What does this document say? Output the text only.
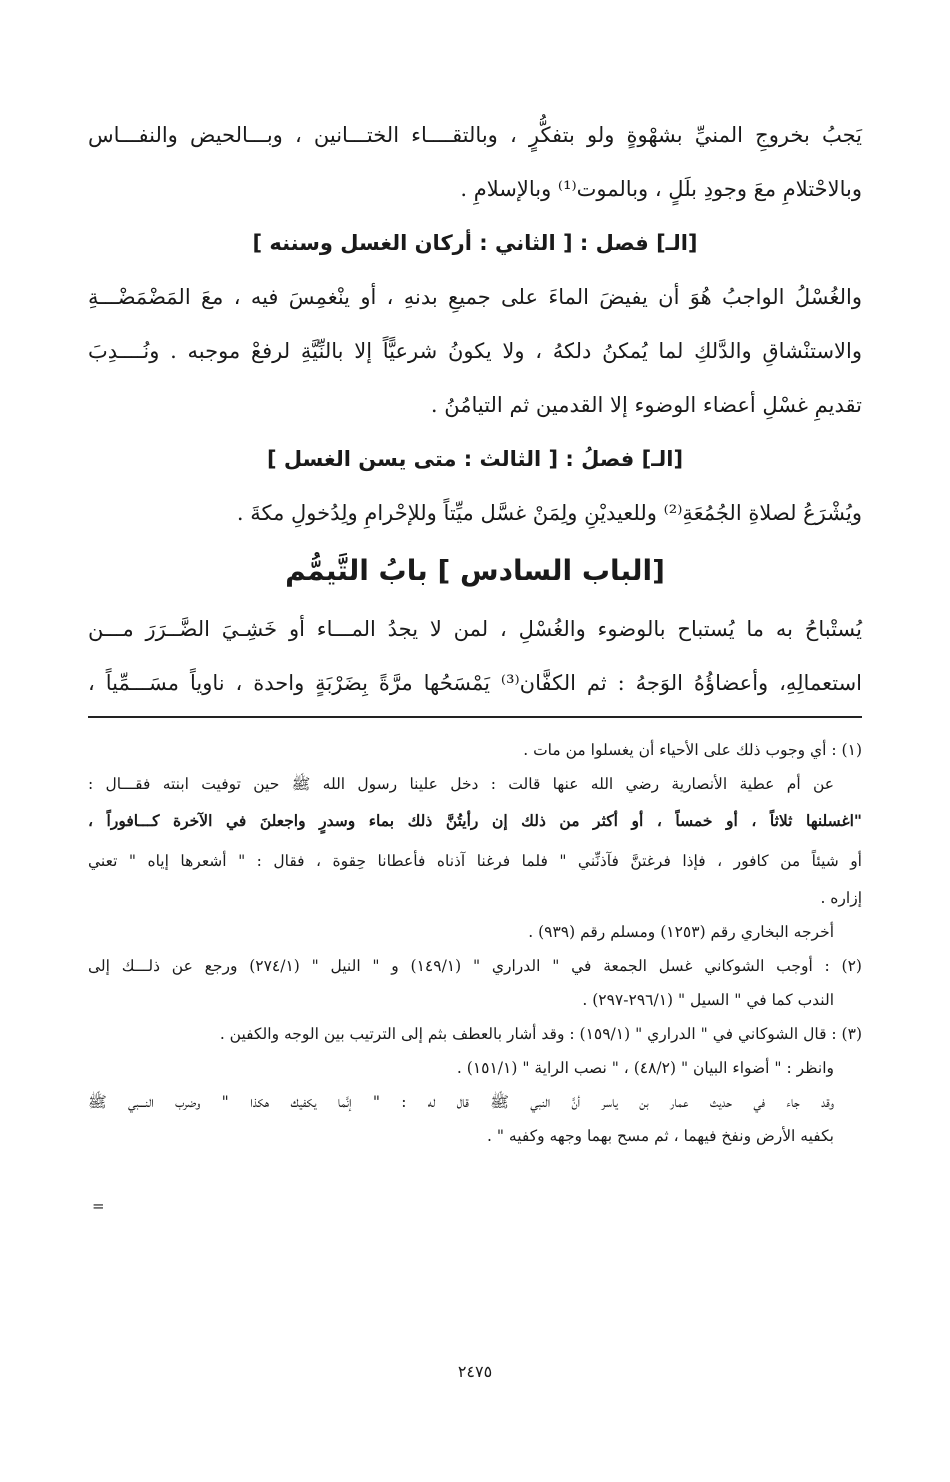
يَجبُ بخروجِ المنيِّ بشهْوةٍ ولو بتفكُّرٍ ، وبالتقــــاء الختـــانين ، وبـــالحيض والنفـــاس

وبالاحْتلامِ معَ وجودِ بلَلٍ ، وبالموت⁽¹⁾ وبالإسلامِ .

[الـ] فصل : [ الثاني : أركان الغسل وسننه ]

والغُسْلُ الواجبُ هُوَ أن يفيضَ الماءَ على جميعِ بدنهِ ، أو ينْغمِسَ فيه ، معَ المَضْمَضْـــةِ

والاستنْشاقِ والدَّلكِ لما يُمكنُ دلكهُ ، ولا يكونُ شرعيًّاً إلا بالنِّيَّةِ لرفعْ موجبه . ونُــــدِبَ

تقديمِ غسْلِ أعضاء الوضوء إلا القدمين ثم التيامُنُ .

[الـ] فصلُ : [ الثالث : متى يسن الغسل ]

ويُشْرَعُ لصلاةِ الجُمُعَةِ⁽²⁾ وللعيديْنِ ولِمَنْ غسَّل ميِّتاً وللإحْرامِ ولِدُخولِ مكةَ .

[الباب السادس ] بابُ التَّيمُّم

يُستْباحُ به ما يُستباح بالوضوء والغُسْلِ ، لمن لا يجدُ المـــاء أو خَشِـيَ الضَّــرَرَ مـــن

استعمالِهِ، وأعضاؤُهُ الوَجهُ : ثم الكفَّان⁽³⁾ يَمْسَحُها مرَّةً بِضَرْبَةٍ واحدة ، ناوياً مسَـــمِّياً ،

(١) : أي وجوب ذلك على الأحياء أن يغسلوا من مات .

عن أم عطية الأنصارية رضي الله عنها قالت : دخل علينا رسول الله ﷺ حين توفيت ابنته فقـــال :

"اغسلنها ثلاثاً ، أو خمساً ، أو أكثر من ذلك إن رأيتُنَّ ذلك بماء وسدرٍ واجعلنَ في الآخرة كـــافوراً ،

أو شيئاً من كافور ، فإذا فرغتنَّ فآذنِّني " فلما فرغنا آذناه فأعطانا حِقوة ، فقال : " أشعرها إياه " تعني

إزاره .

أخرجه البخاري رقم (١٢٥٣) ومسلم رقم (٩٣٩) .

(٢) : أوجب الشوكاني غسل الجمعة في " الدراري " (١٤٩/١) و " النيل " (٢٧٤/١) ورجع عن ذلـــك إلى

الندب كما في " السيل " (٢٩٦/١-٢٩٧) .

(٣) : قال الشوكاني في " الدراري " (١٥٩/١) : وقد أشار بالعطف بثم إلى الترتيب بين الوجه والكفين .

وانظر : " أضواء البيان " (٤٨/٢) ، " نصب الراية " (١٥١/١) .

وقد جاء في حديث عمار بن ياسر أنَّ النبي ﷺ قال له : " إنَّما يكفيك هكذا " وضرب النـــبي ﷺ

بكفيه الأرض ونفخ فيهما ، ثم مسح بهما وجهه وكفيه " .

=
٢٤٧٥
